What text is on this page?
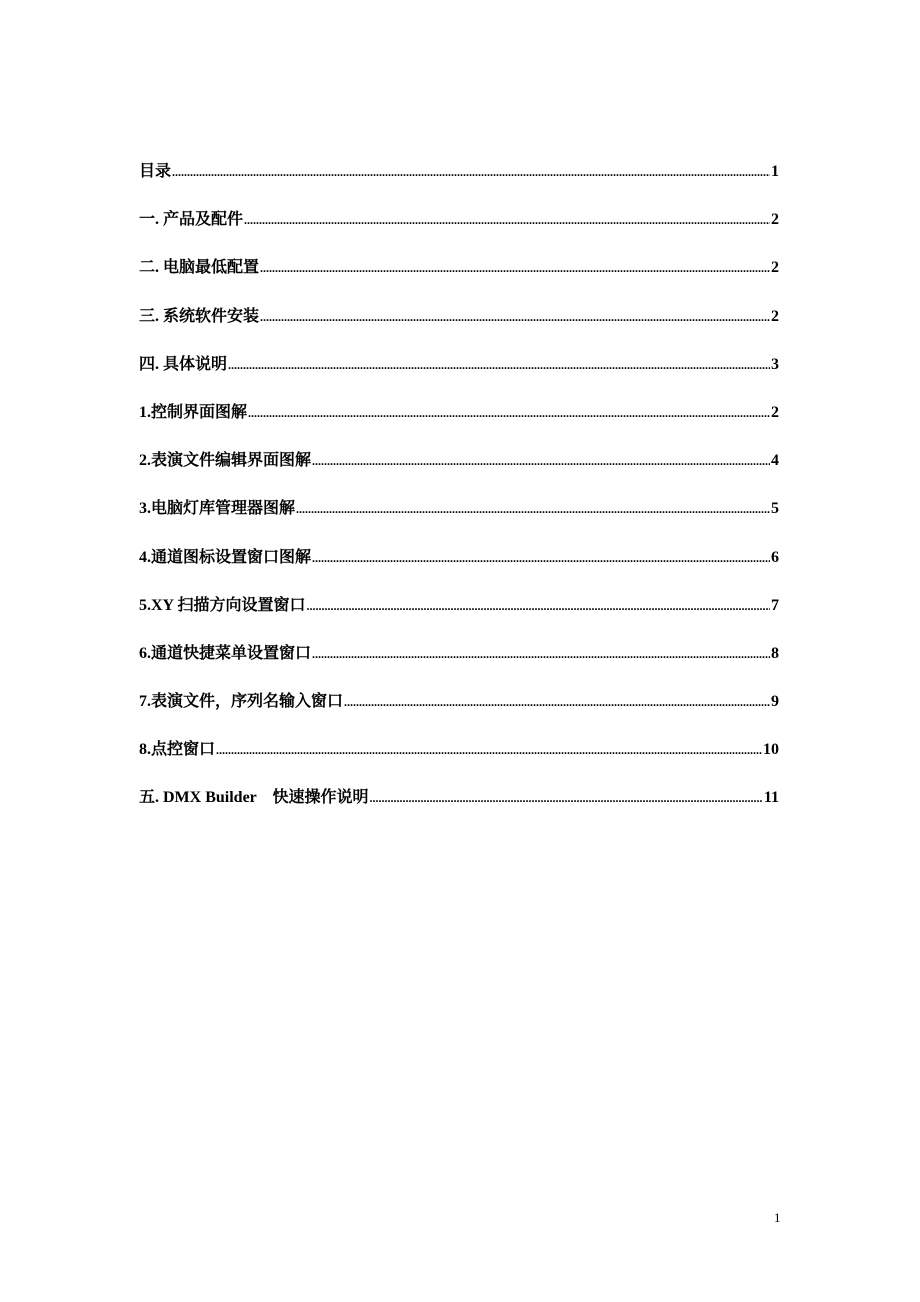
目录 .....	1
一. 产品及配件 .....	2
二. 电脑最低配置 .....	2
三. 系统软件安装 .....	2
四. 具体说明 .....	3
1.控制界面图解 .....	2
2.表演文件编辑界面图解 .....	4
3.电脑灯库管理器图解 .....	5
4.通道图标设置窗口图解 .....	6
5.XY 扫描方向设置窗口 .....	7
6.通道快捷菜单设置窗口 .....	8
7.表演文件，序列名输入窗口 .....	9
8.点控窗口 .....	10
五. DMX Builder    快速操作说明 .....	11
1
